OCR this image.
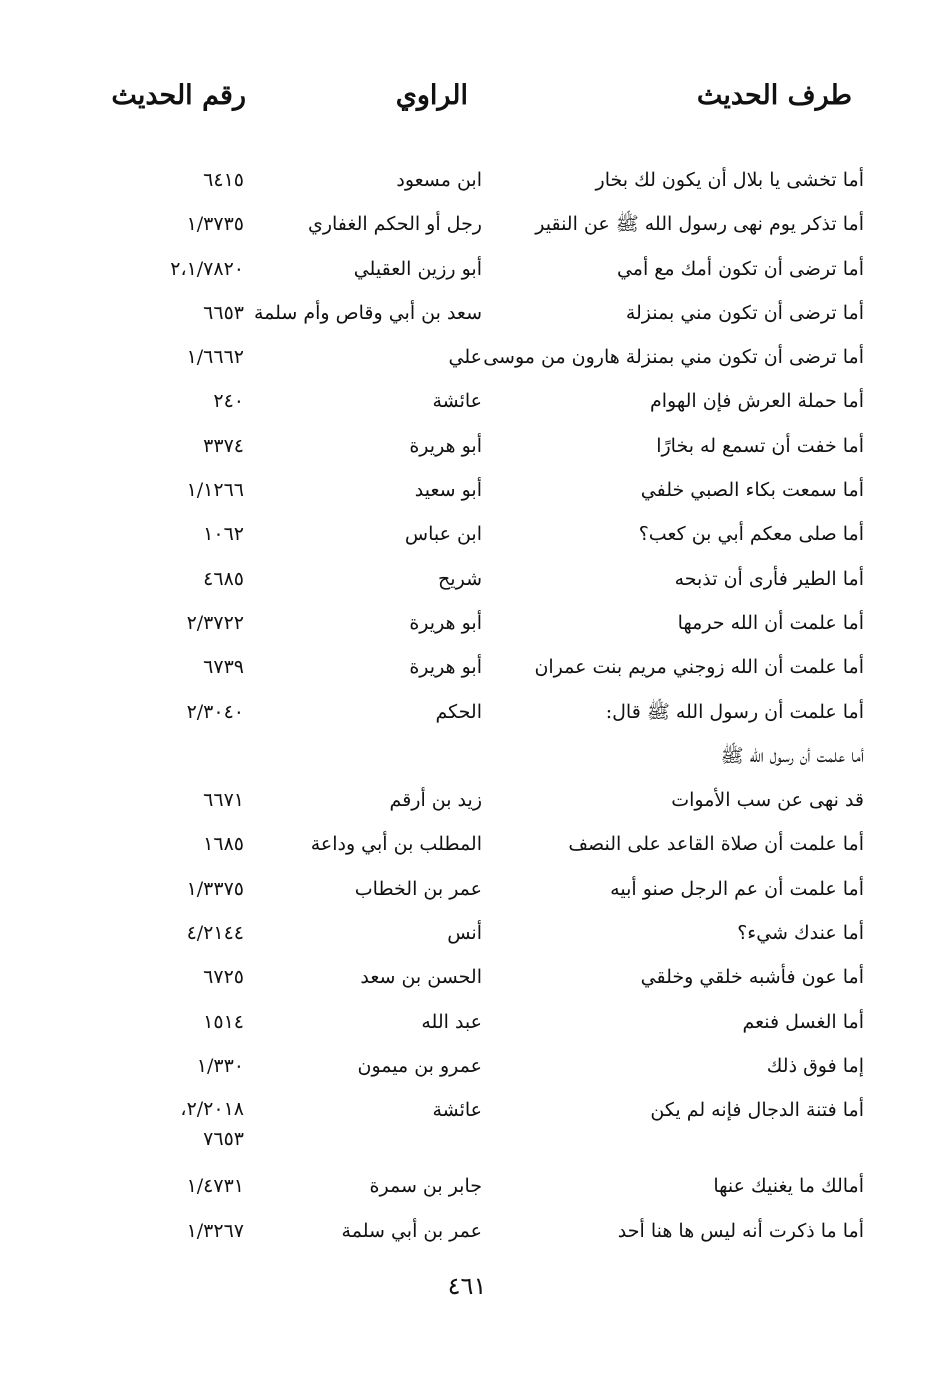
طرف الحديث
الراوي
رقم الحديث
أما تخشى يا بلال أن يكون لك بخار
ابن مسعود
٦٤١٥
أما تذكر يوم نهى رسول الله ﷺ عن النقير
رجل أو الحكم الغفاري
١/٣٧٣٥
أما ترضى أن تكون أمك مع أمي
أبو رزين العقيلي
٢،١/٧٨٢٠
أما ترضى أن تكون مني بمنزلة
سعد بن أبي وقاص وأم سلمة
٦٦٥٣
أما ترضى أن تكون مني بمنزلة هارون من موسى
علي
١/٦٦٦٢
أما حملة العرش فإن الهوام
عائشة
٢٤٠
أما خفت أن تسمع له بخارًا
أبو هريرة
٣٣٧٤
أما سمعت بكاء الصبي خلفي
أبو سعيد
١/١٢٦٦
أما صلى معكم أبي بن كعب؟
ابن عباس
١٠٦٢
أما الطير فأرى أن تذبحه
شريح
٤٦٨٥
أما علمت أن الله حرمها
أبو هريرة
٢/٣٧٢٢
أما علمت أن الله زوجني مريم بنت عمران
أبو هريرة
٦٧٣٩
أما علمت أن رسول الله ﷺ قال:
الحكم
٢/٣٠٤٠
أما علمت أن رسول الله ﷺ
قد نهى عن سب الأموات
زيد بن أرقم
٦٦٧١
أما علمت أن صلاة القاعد على النصف
المطلب بن أبي وداعة
١٦٨٥
أما علمت أن عم الرجل صنو أبيه
عمر بن الخطاب
١/٣٣٧٥
أما عندك شيء؟
أنس
٤/٢١٤٤
أما عون فأشبه خلقي وخلقي
الحسن بن سعد
٦٧٢٥
أما الغسل فنعم
عبد الله
١٥١٤
إما فوق ذلك
عمرو بن ميمون
١/٣٣٠
أما فتنة الدجال فإنه لم يكن
عائشة
٢/٢٠١٨،
٧٦٥٣
أمالك ما يغنيك عنها
جابر بن سمرة
١/٤٧٣١
أما ما ذكرت أنه ليس ها هنا أحد
عمر بن أبي سلمة
١/٣٢٦٧
٤٦١
